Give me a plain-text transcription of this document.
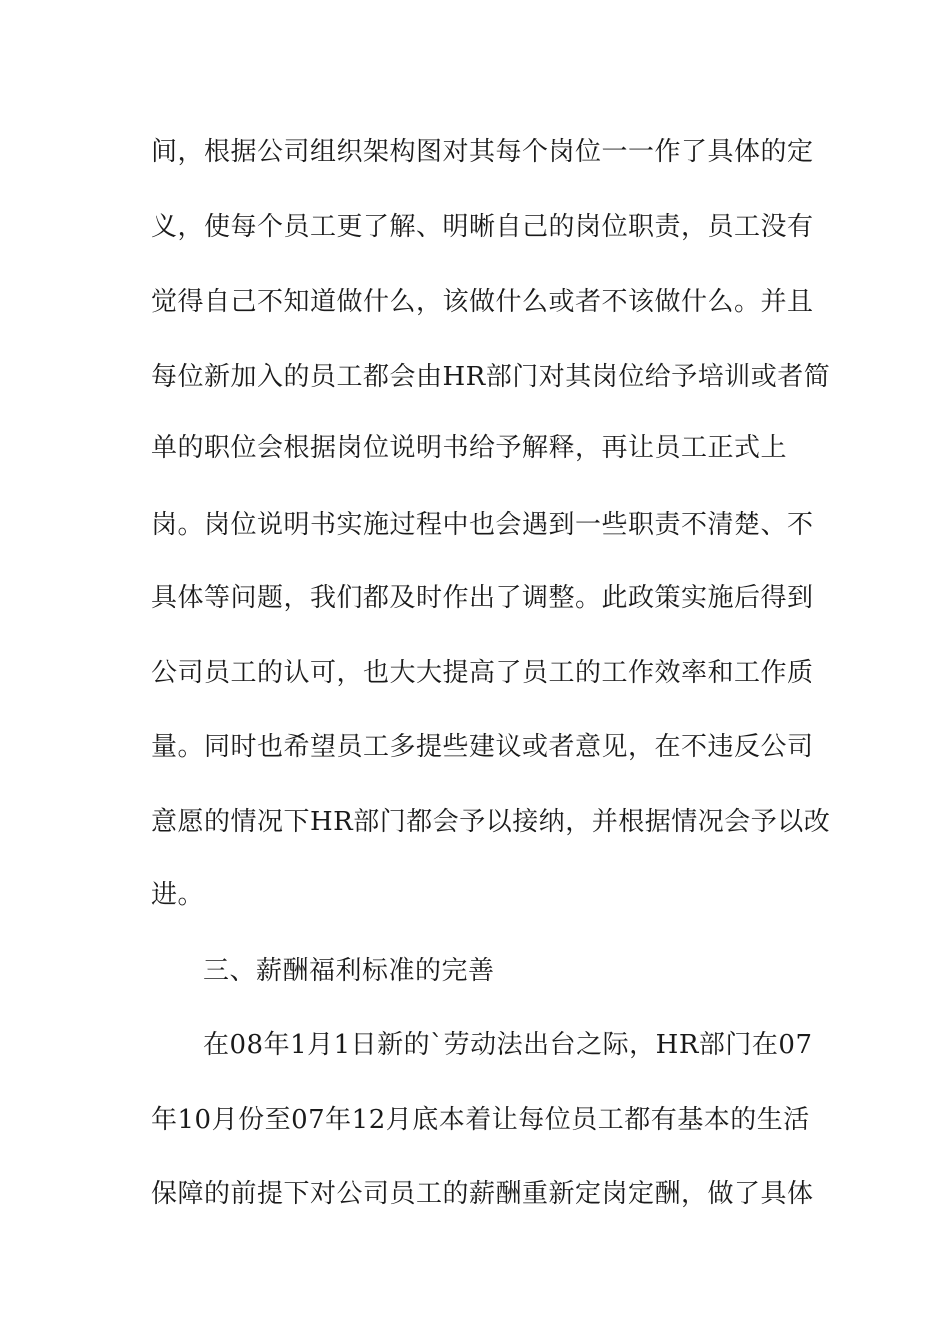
间，根据公司组织架构图对其每个岗位一一作了具体的定
义，使每个员工更了解、明晰自己的岗位职责，员工没有
觉得自己不知道做什么，该做什么或者不该做什么。并且
每位新加入的员工都会由HR部门对其岗位给予培训或者简
单的职位会根据岗位说明书给予解释，再让员工正式上
岗。岗位说明书实施过程中也会遇到一些职责不清楚、不
具体等问题，我们都及时作出了调整。此政策实施后得到
公司员工的认可，也大大提高了员工的工作效率和工作质
量。同时也希望员工多提些建议或者意见，在不违反公司
意愿的情况下HR部门都会予以接纳，并根据情况会予以改
进。
三、薪酬福利标准的完善
在08年1月1日新的`劳动法出台之际，HR部门在07
年10月份至07年12月底本着让每位员工都有基本的生活
保障的前提下对公司员工的薪酬重新定岗定酬，做了具体
